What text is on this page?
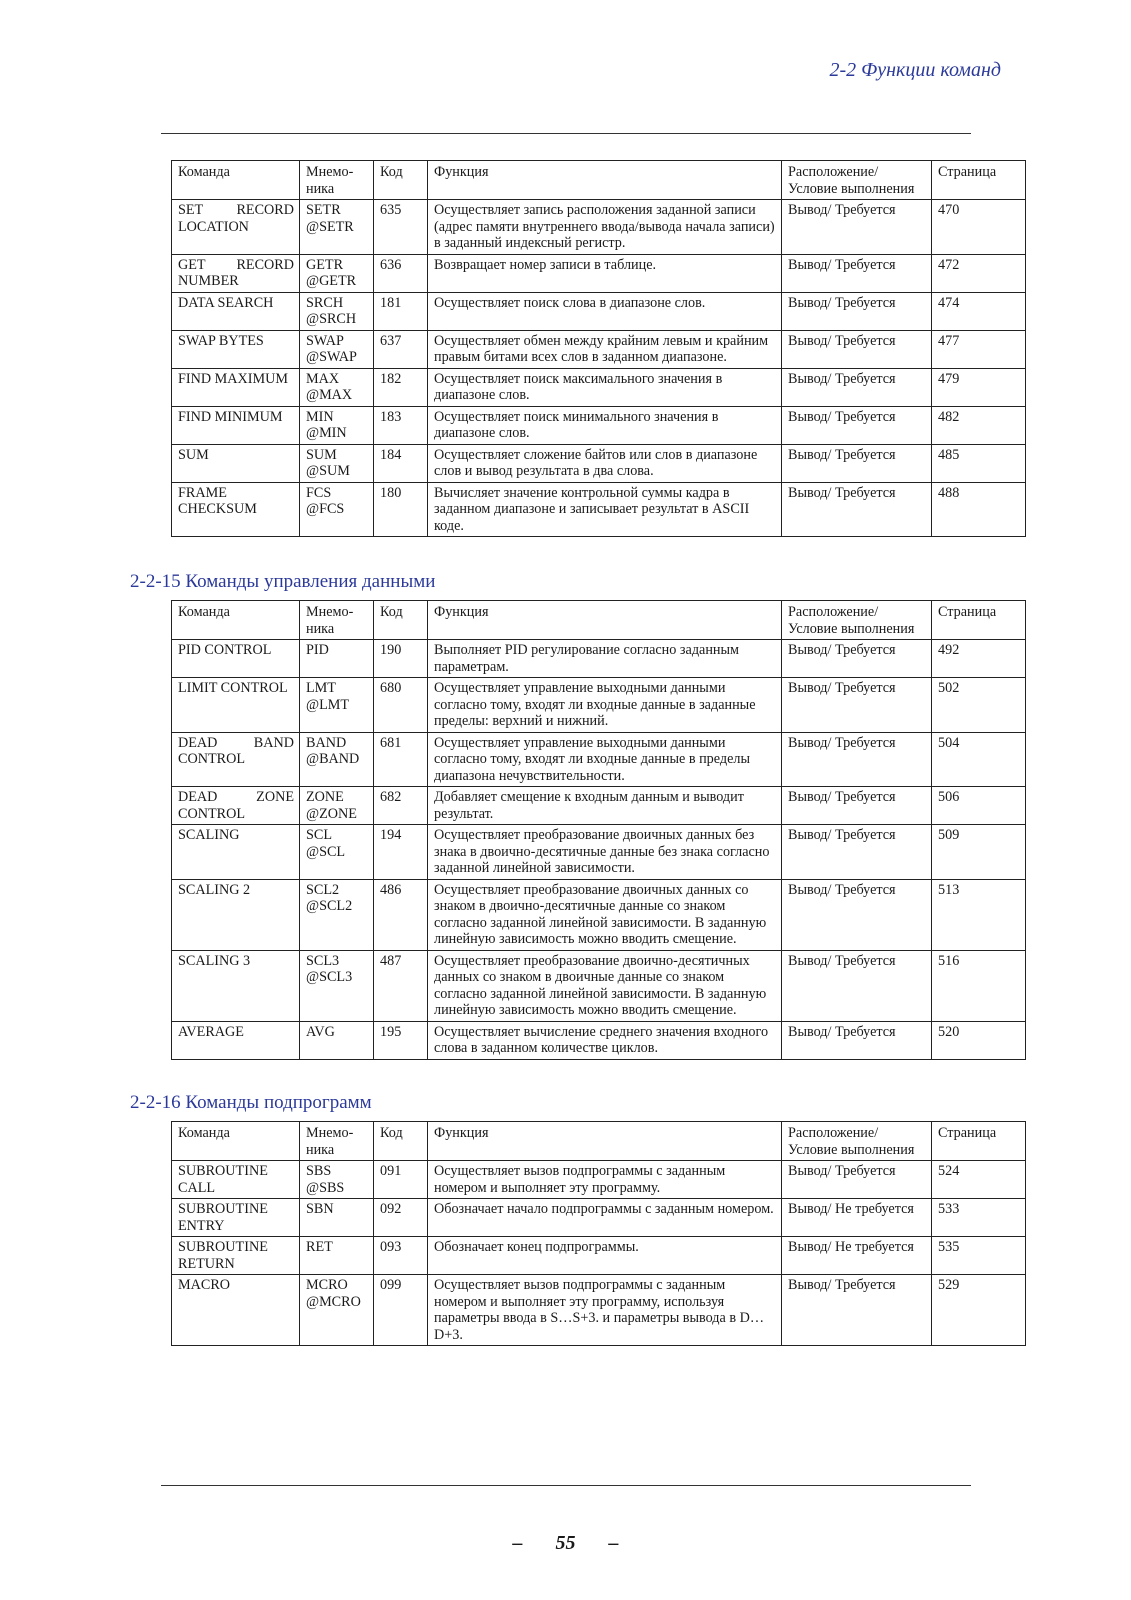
2-2 Функции команд
Команда	Мнемо-ника	Код	Функция	Расположение/ Условие выполнения	Страница
SET RECORD LOCATION	SETR @SETR	635	Осуществляет запись расположения заданной записи (адрес памяти внутреннего ввода/вывода начала записи) в заданный индексный регистр.	Вывод/ Требуется	470
GET RECORD NUMBER	GETR @GETR	636	Возвращает номер записи в таблице.	Вывод/ Требуется	472
DATA SEARCH	SRCH @SRCH	181	Осуществляет поиск слова в диапазоне слов.	Вывод/ Требуется	474
SWAP BYTES	SWAP @SWAP	637	Осуществляет обмен между крайним левым и крайним правым битами всех слов в заданном диапазоне.	Вывод/ Требуется	477
FIND MAXIMUM	MAX @MAX	182	Осуществляет поиск максимального значения в диапазоне слов.	Вывод/ Требуется	479
FIND MINIMUM	MIN @MIN	183	Осуществляет поиск минимального значения в диапазоне слов.	Вывод/ Требуется	482
SUM	SUM @SUM	184	Осуществляет сложение байтов или слов в диапазоне слов и вывод результата в два слова.	Вывод/ Требуется	485
FRAME CHECKSUM	FCS @FCS	180	Вычисляет значение контрольной суммы кадра в заданном диапазоне и записывает результат в ASCII коде.	Вывод/ Требуется	488
2-2-15 Команды управления данными
Команда	Мнемо-ника	Код	Функция	Расположение/ Условие выполнения	Страница
PID CONTROL	PID	190	Выполняет PID регулирование согласно заданным параметрам.	Вывод/ Требуется	492
LIMIT CONTROL	LMT @LMT	680	Осуществляет управление выходными данными согласно тому, входят ли входные данные в заданные пределы: верхний и нижний.	Вывод/ Требуется	502
DEAD BAND CONTROL	BAND @BAND	681	Осуществляет управление выходными данными согласно тому, входят ли входные данные в пределы диапазона нечувствительности.	Вывод/ Требуется	504
DEAD ZONE CONTROL	ZONE @ZONE	682	Добавляет смещение к входным данным и выводит результат.	Вывод/ Требуется	506
SCALING	SCL @SCL	194	Осуществляет преобразование двоичных данных без знака в двоично-десятичные данные без знака согласно заданной линейной зависимости.	Вывод/ Требуется	509
SCALING 2	SCL2 @SCL2	486	Осуществляет преобразование двоичных данных со знаком в двоично-десятичные данные со знаком согласно заданной линейной зависимости. В заданную линейную зависимость можно вводить смещение.	Вывод/ Требуется	513
SCALING 3	SCL3 @SCL3	487	Осуществляет преобразование двоично-десятичных данных со знаком в двоичные данные со знаком согласно заданной линейной зависимости. В заданную линейную зависимость можно вводить смещение.	Вывод/ Требуется	516
AVERAGE	AVG	195	Осуществляет вычисление среднего значения входного слова в заданном количестве циклов.	Вывод/ Требуется	520
2-2-16 Команды подпрограмм
Команда	Мнемо-ника	Код	Функция	Расположение/ Условие выполнения	Страница
SUBROUTINE CALL	SBS @SBS	091	Осуществляет вызов подпрограммы с заданным номером и выполняет эту программу.	Вывод/ Требуется	524
SUBROUTINE ENTRY	SBN	092	Обозначает начало подпрограммы с заданным номером.	Вывод/ Не требуется	533
SUBROUTINE RETURN	RET	093	Обозначает конец подпрограммы.	Вывод/ Не требуется	535
MACRO	MCRO @MCRO	099	Осуществляет вызов подпрограммы с заданным номером и выполняет эту программу, используя параметры ввода в S…S+3. и параметры вывода в D…D+3.	Вывод/ Требуется	529
– 55 –
